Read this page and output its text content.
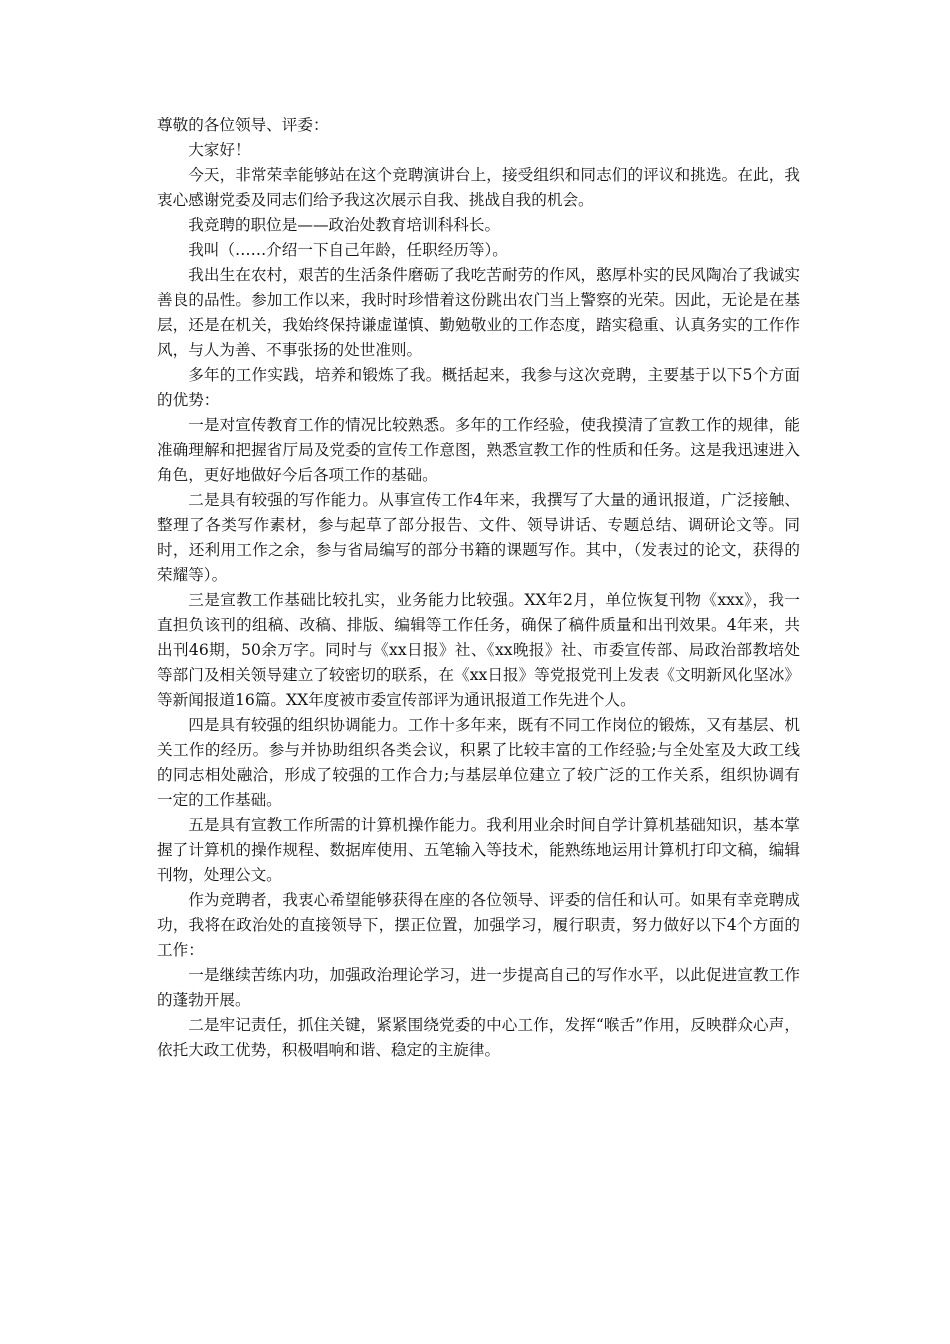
尊敬的各位领导、评委：

大家好！

今天，非常荣幸能够站在这个竞聘演讲台上，接受组织和同志们的评议和挑选。在此，我衷心感谢党委及同志们给予我这次展示自我、挑战自我的机会。

我竞聘的职位是——政治处教育培训科科长。

我叫（……介绍一下自己年龄，任职经历等）。

我出生在农村，艰苦的生活条件磨砺了我吃苦耐劳的作风，憨厚朴实的民风陶冶了我诚实善良的品性。参加工作以来，我时时珍惜着这份跳出农门当上警察的光荣。因此，无论是在基层，还是在机关，我始终保持谦虚谨慎、勤勉敬业的工作态度，踏实稳重、认真务实的工作作风，与人为善、不事张扬的处世准则。

多年的工作实践，培养和锻炼了我。概括起来，我参与这次竞聘，主要基于以下5个方面的优势：

一是对宣传教育工作的情况比较熟悉。多年的工作经验，使我摸清了宣教工作的规律，能准确理解和把握省厅局及党委的宣传工作意图，熟悉宣教工作的性质和任务。这是我迅速进入角色，更好地做好今后各项工作的基础。

二是具有较强的写作能力。从事宣传工作4年来，我撰写了大量的通讯报道，广泛接触、整理了各类写作素材，参与起草了部分报告、文件、领导讲话、专题总结、调研论文等。同时，还利用工作之余，参与省局编写的部分书籍的课题写作。其中，（发表过的论文，获得的荣耀等）。

三是宣教工作基础比较扎实，业务能力比较强。XX年2月，单位恢复刊物《xxx》，我一直担负该刊的组稿、改稿、排版、编辑等工作任务，确保了稿件质量和出刊效果。4年来，共出刊46期，50余万字。同时与《xx日报》社、《xx晚报》社、市委宣传部、局政治部教培处等部门及相关领导建立了较密切的联系，在《xx日报》等党报党刊上发表《文明新风化坚冰》等新闻报道16篇。XX年度被市委宣传部评为通讯报道工作先进个人。

四是具有较强的组织协调能力。工作十多年来，既有不同工作岗位的锻炼，又有基层、机关工作的经历。参与并协助组织各类会议，积累了比较丰富的工作经验;与全处室及大政工线的同志相处融洽，形成了较强的工作合力;与基层单位建立了较广泛的工作关系，组织协调有一定的工作基础。

五是具有宣教工作所需的计算机操作能力。我利用业余时间自学计算机基础知识，基本掌握了计算机的操作规程、数据库使用、五笔输入等技术，能熟练地运用计算机打印文稿，编辑刊物，处理公文。

作为竞聘者，我衷心希望能够获得在座的各位领导、评委的信任和认可。如果有幸竞聘成功，我将在政治处的直接领导下，摆正位置，加强学习，履行职责，努力做好以下4个方面的工作：

一是继续苦练内功，加强政治理论学习，进一步提高自己的写作水平，以此促进宣教工作的蓬勃开展。

二是牢记责任，抓住关键，紧紧围绕党委的中心工作，发挥“喉舌”作用，反映群众心声，依托大政工优势，积极唱响和谐、稳定的主旋律。
